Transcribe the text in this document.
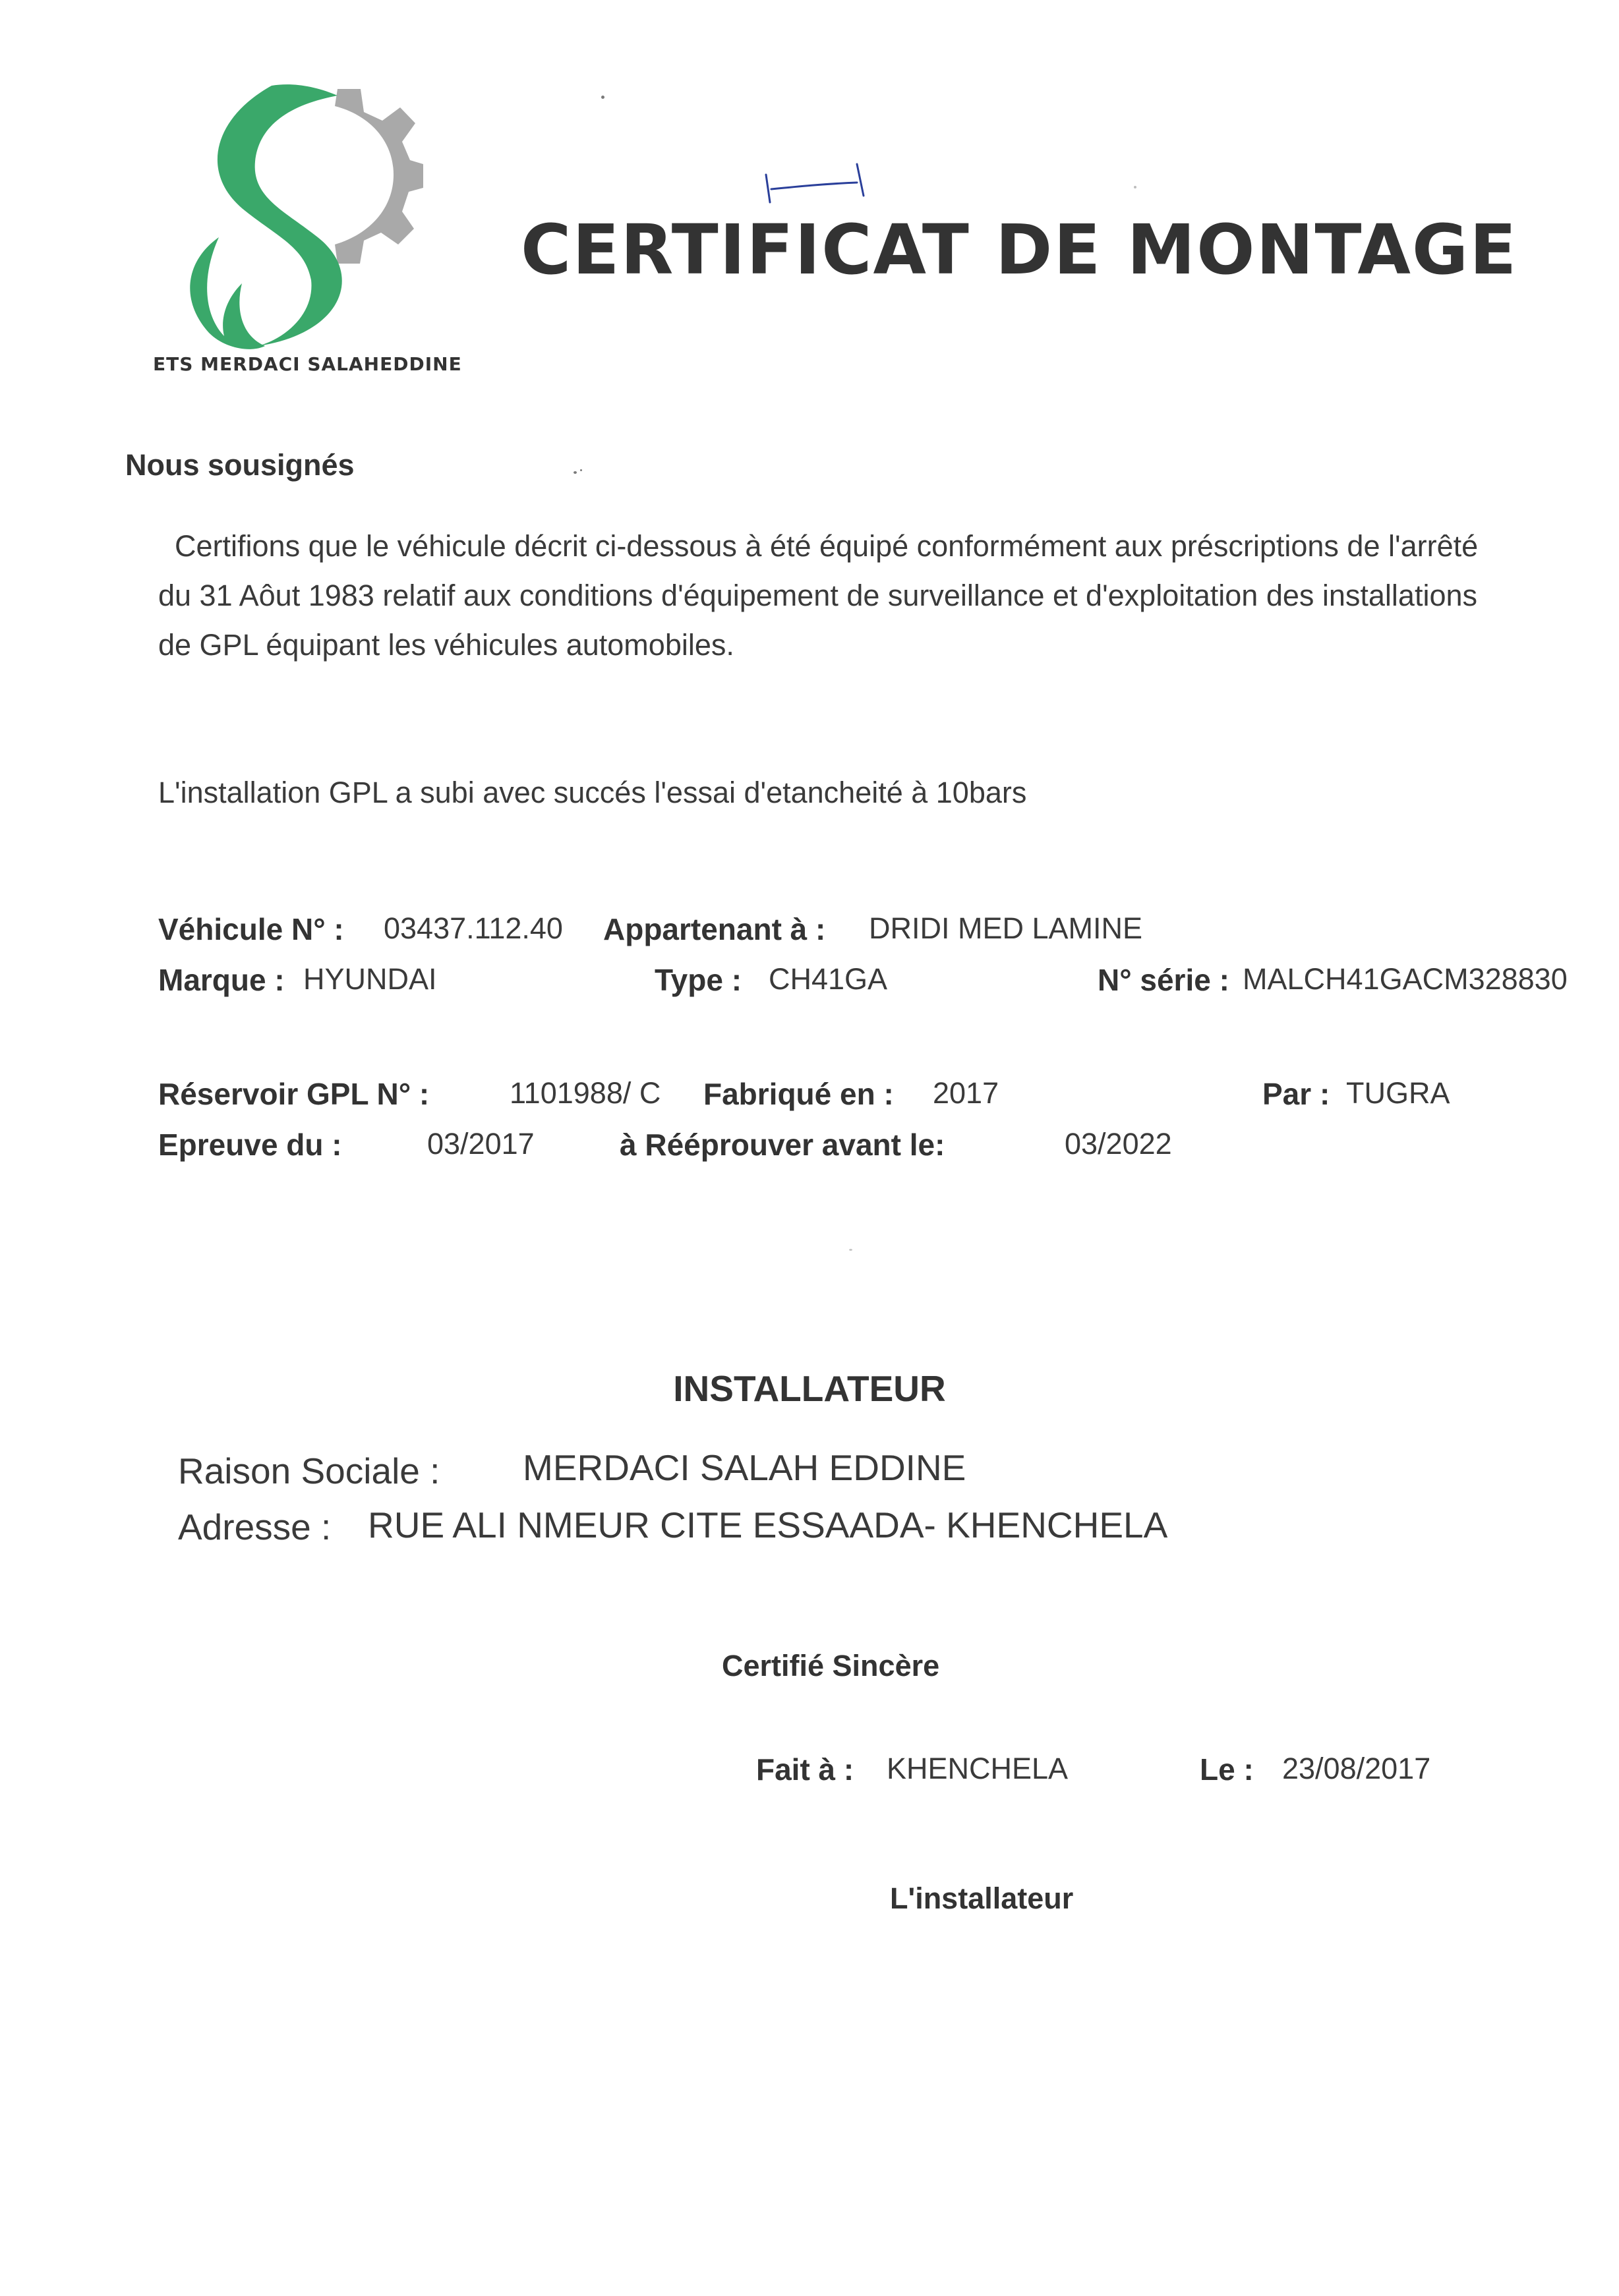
ETS MERDACI SALAHEDDINE
CERTIFICAT DE MONTAGE
Nous sousignés
Certifions que le véhicule décrit ci-dessous à été équipé conformément aux préscriptions de l'arrêté
du 31 Aôut 1983 relatif aux conditions d'équipement de surveillance et d'exploitation des installations
de GPL équipant les véhicules automobiles.
L'installation GPL a subi avec succés l'essai d'etancheité à 10bars
Véhicule N° : 03437.112.40 Appartenant à : DRIDI MED LAMINE
Marque : HYUNDAI	Type : CH41GA	N° série : MALCH41GACM328830
Réservoir GPL N° :	1101988/ C Fabriqué en : 2017	Par : TUGRA
Epreuve du :	03/2017	à Rééprouver avant le:	03/2022
INSTALLATEUR
Raison Sociale : MERDACI SALAH EDDINE
Adresse : RUE ALI NMEUR CITE ESSAADA- KHENCHELA
Certifié Sincère
Fait à : KHENCHELA	Le : 23/08/2017
L'installateur
